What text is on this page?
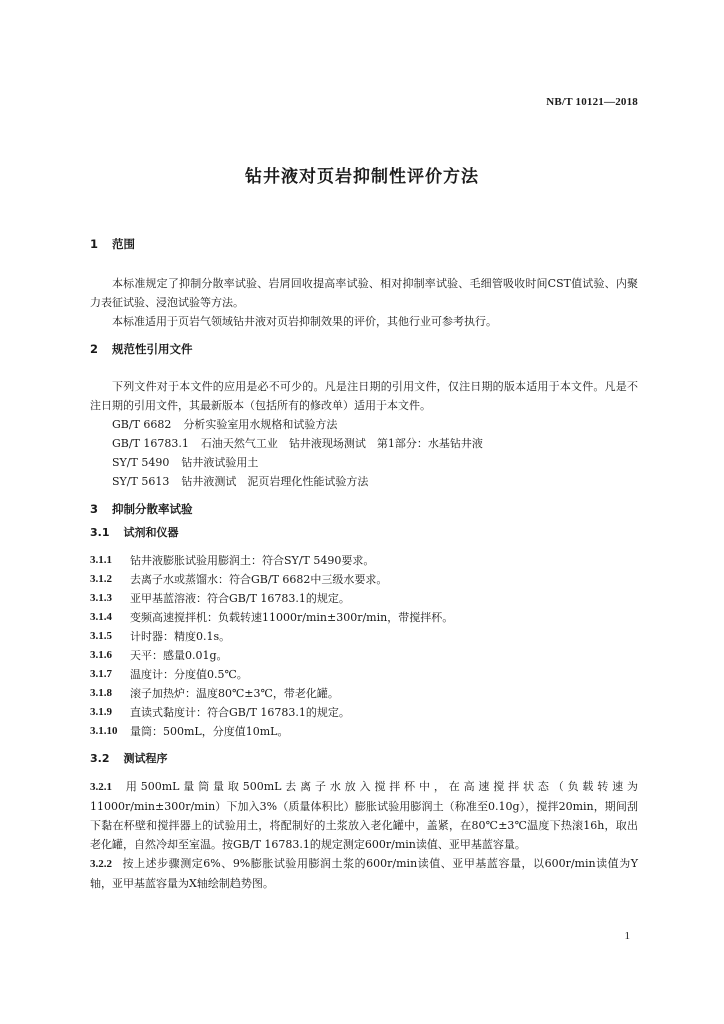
NB/T 10121—2018
钻井液对页岩抑制性评价方法
1 范围

本标准规定了抑制分散率试验、岩屑回收提高率试验、相对抑制率试验、毛细管吸收时间CST值试验、内聚力表征试验、浸泡试验等方法。

本标准适用于页岩气领域钻井液对页岩抑制效果的评价，其他行业可参考执行。

2 规范性引用文件

下列文件对于本文件的应用是必不可少的。凡是注日期的引用文件，仅注日期的版本适用于本文件。凡是不注日期的引用文件，其最新版本（包括所有的修改单）适用于本文件。

GB/T 6682 分析实验室用水规格和试验方法

GB/T 16783.1 石油天然气工业　钻井液现场测试　第1部分：水基钻井液

SY/T 5490 钻井液试验用土

SY/T 5613 钻井液测试　泥页岩理化性能试验方法

3 抑制分散率试验
3.1 试剂和仪器
3.1.1	钻井液膨胀试验用膨润土：符合SY/T 5490要求。
3.1.2	去离子水或蒸馏水：符合GB/T 6682中三级水要求。
3.1.3	亚甲基蓝溶液：符合GB/T 16783.1的规定。
3.1.4	变频高速搅拌机：负载转速11000r/min±300r/min，带搅拌杯。
3.1.5	计时器：精度0.1s。
3.1.6	天平：感量0.01g。
3.1.7	温度计：分度值0.5℃。
3.1.8	滚子加热炉：温度80℃±3℃，带老化罐。
3.1.9	直读式黏度计：符合GB/T 16783.1的规定。
3.1.10	量筒：500mL，分度值10mL。
3.2 测试程序

3.2.1 用500mL量筒量取500mL去离子水放入搅拌杯中，在高速搅拌状态（负载转速为11000r/min±300r/min）下加入3%（质量体积比）膨胀试验用膨润土（称准至0.10g），搅拌20min，期间刮下黏在杯壁和搅拌器上的试验用土，将配制好的土浆放入老化罐中，盖紧，在80℃±3℃温度下热滚16h，取出老化罐，自然冷却至室温。按GB/T 16783.1的规定测定600r/min读值、亚甲基蓝容量。

3.2.2 按上述步骤测定6%、9%膨胀试验用膨润土浆的600r/min读值、亚甲基蓝容量，以600r/min读值为Y轴，亚甲基蓝容量为X轴绘制趋势图。

1
